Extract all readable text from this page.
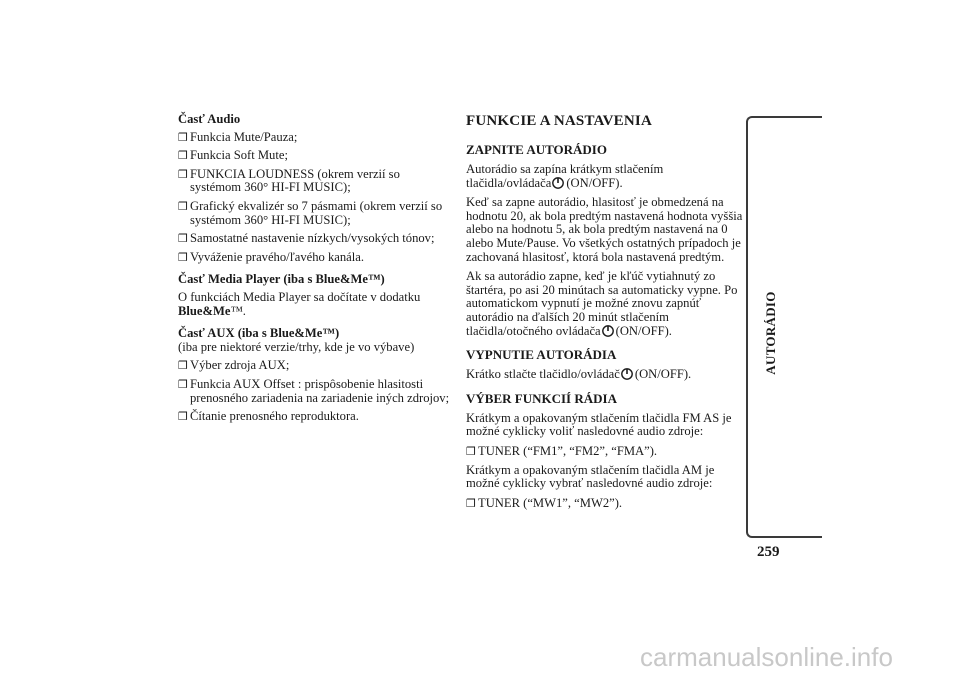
Časť Audio
❒ Funkcia Mute/Pauza;
❒ Funkcia Soft Mute;
❒ FUNKCIA LOUDNESS (okrem verzií so systémom 360° HI-FI MUSIC);
❒ Grafický ekvalizér so 7 pásmami (okrem verzií so systémom 360° HI-FI MUSIC);
❒ Samostatné nastavenie nízkych/vysokých tónov;
❒ Vyváženie pravého/ľavého kanála.
Časť Media Player (iba s Blue&Me™)
O funkciách Media Player sa dočítate v dodatku Blue&Me™.
Časť AUX (iba s Blue&Me™)
(iba pre niektoré verzie/trhy, kde je vo výbave)
❒ Výber zdroja AUX;
❒ Funkcia AUX Offset : prispôsobenie hlasitosti prenosného zariadenia na zariadenie iných zdrojov;
❒ Čítanie prenosného reproduktora.
FUNKCIE A NASTAVENIA
ZAPNITE AUTORÁDIO
Autorádio sa zapína krátkym stlačením tlačidla/ovládača (ON/OFF).
Keď sa zapne autorádio, hlasitosť je obmedzená na hodnotu 20, ak bola predtým nastavená hodnota vyššia alebo na hodnotu 5, ak bola predtým nastavená na 0 alebo Mute/Pause. Vo všetkých ostatných prípadoch je zachovaná hlasitosť, ktorá bola nastavená predtým.
Ak sa autorádio zapne, keď je kľúč vytiahnutý zo štartéra, po asi 20 minútach sa automaticky vypne. Po automatickom vypnutí je možné znovu zapnúť autorádio na ďalších 20 minút stlačením tlačidla/otočného ovládača (ON/OFF).
VYPNUTIE AUTORÁDIA
Krátko stlačte tlačidlo/ovládač (ON/OFF).
VÝBER FUNKCIÍ RÁDIA
Krátkym a opakovaným stlačením tlačidla FM AS je možné cyklicky voliť nasledovné audio zdroje:
❒ TUNER (“FM1”, “FM2”, “FMA”).
Krátkym a opakovaným stlačením tlačidla AM je možné cyklicky vybrať nasledovné audio zdroje:
❒ TUNER (“MW1”, “MW2”).
AUTORÁDIO
259
carmanualsonline.info
